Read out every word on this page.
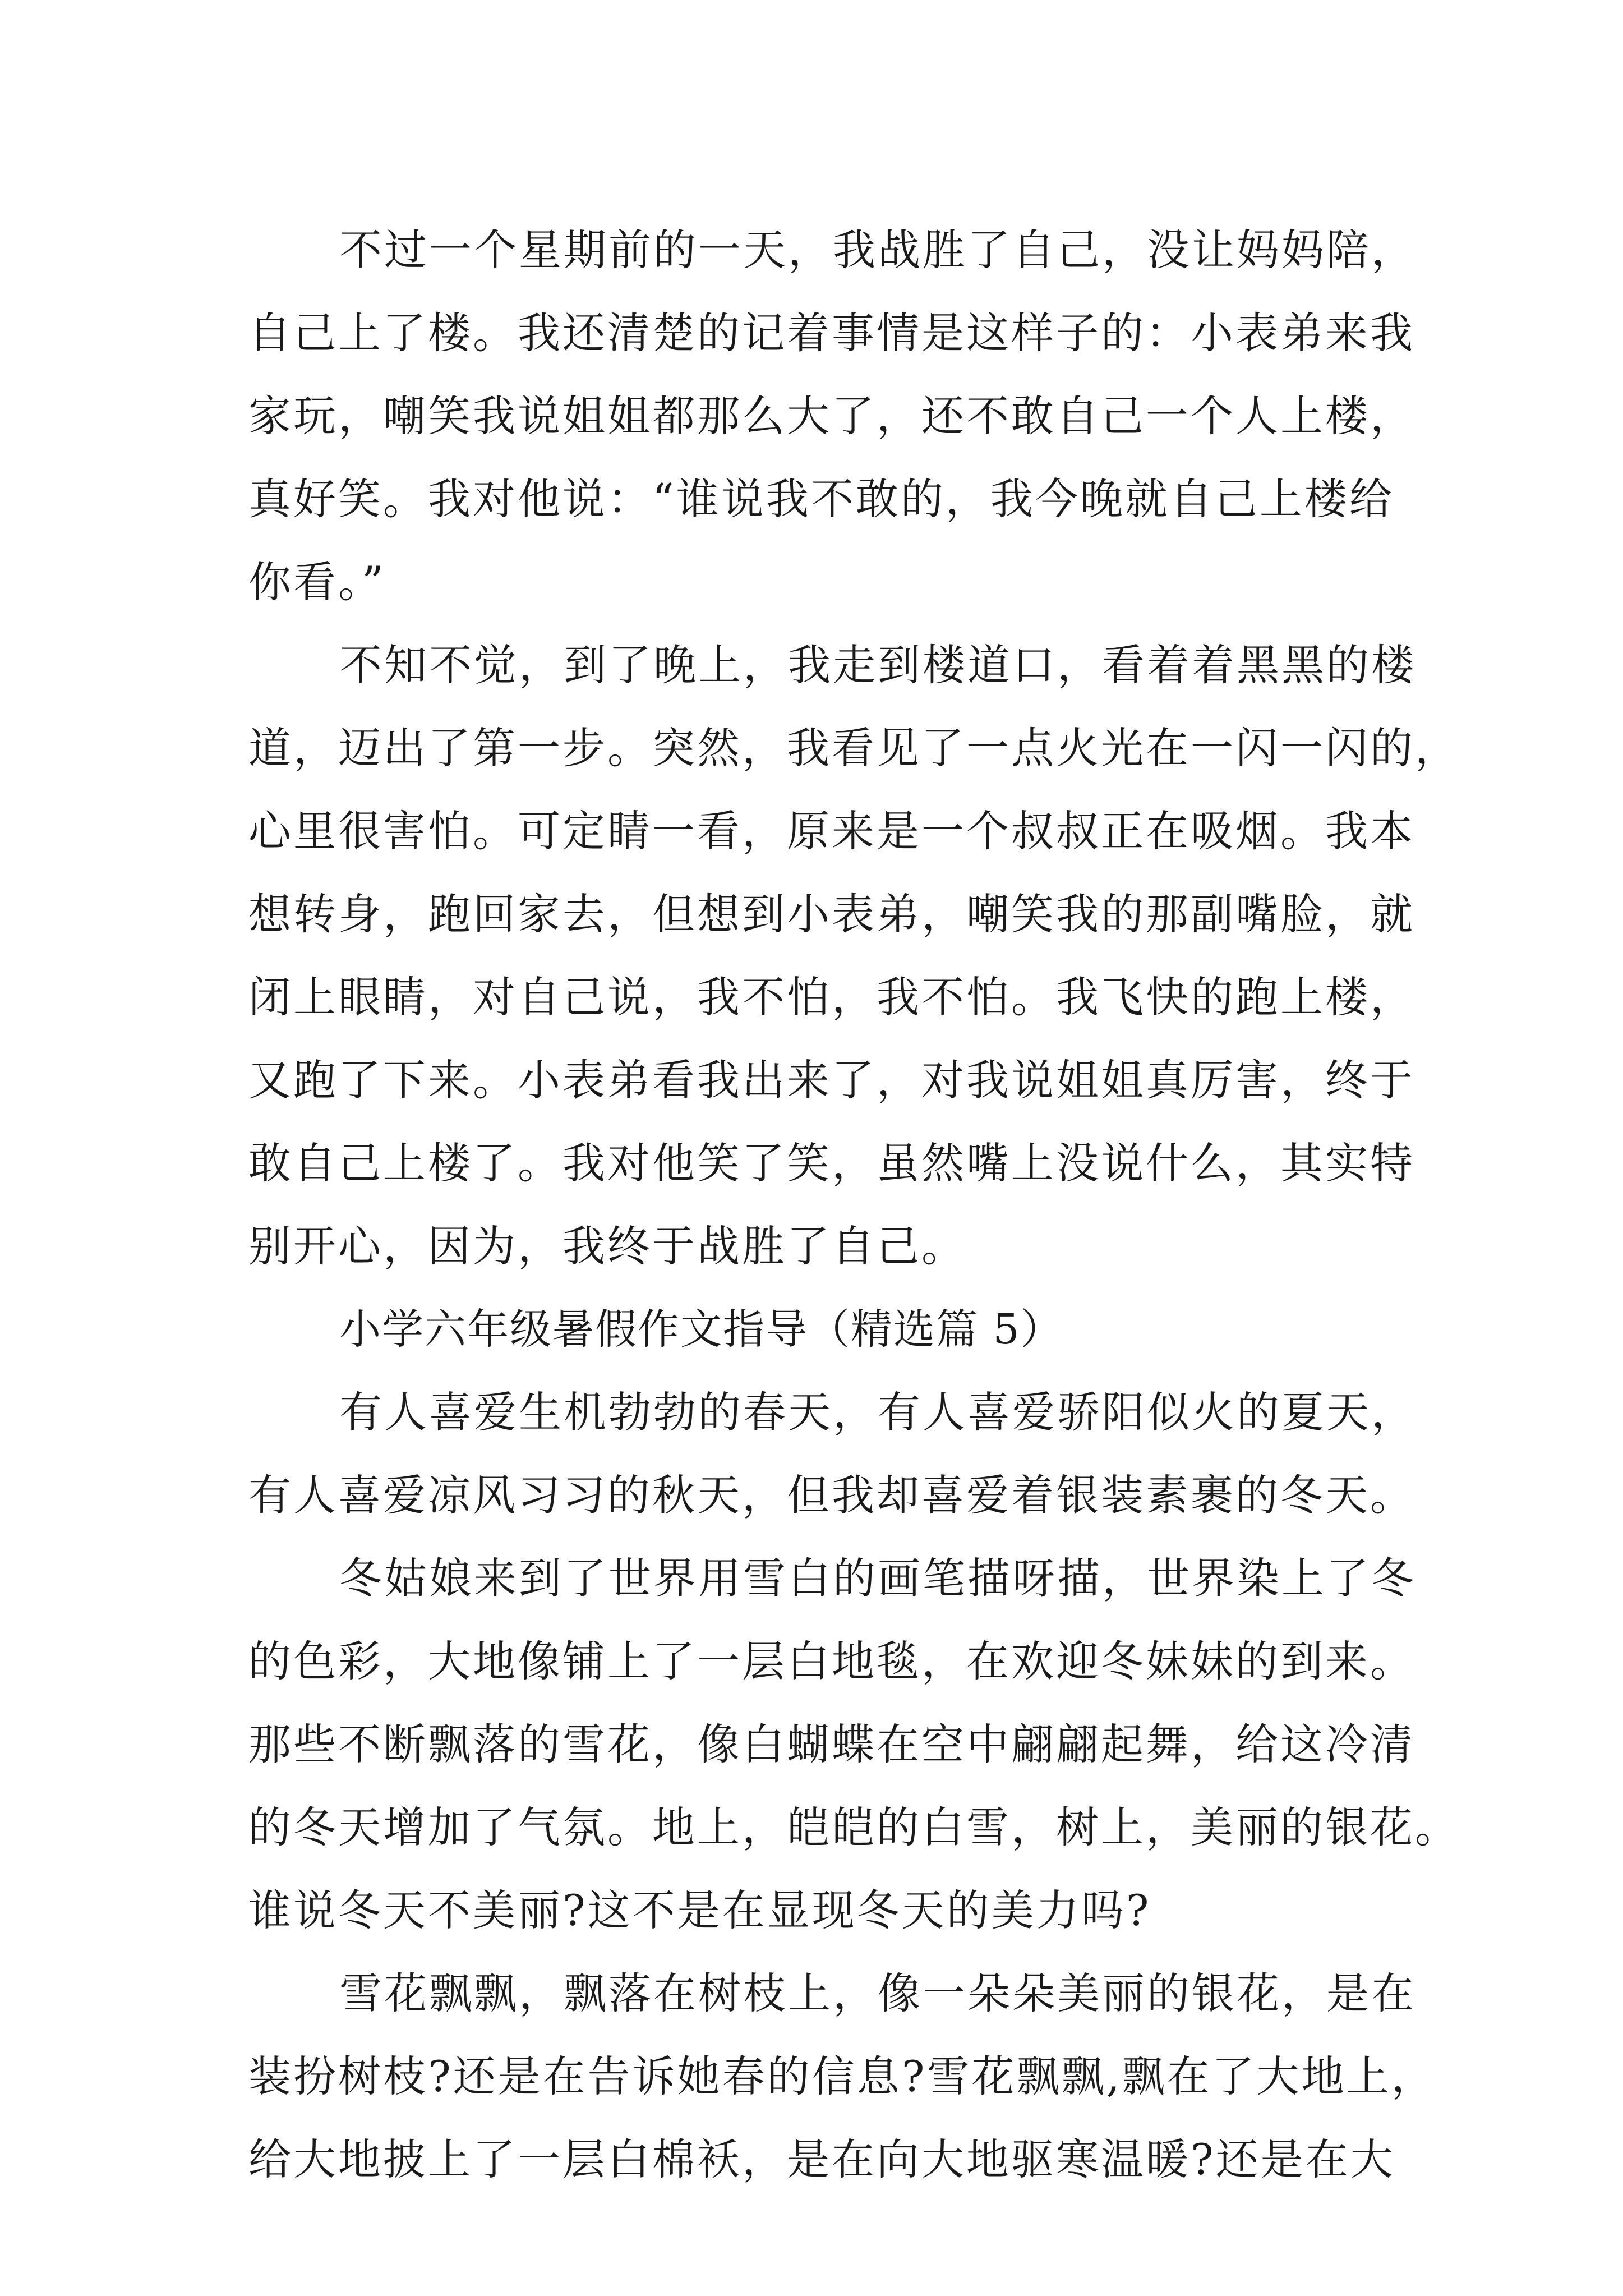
不过一个星期前的一天，我战胜了自己，没让妈妈陪，
自己上了楼。我还清楚的记着事情是这样子的：小表弟来我
家玩，嘲笑我说姐姐都那么大了，还不敢自己一个人上楼，
真好笑。我对他说：“谁说我不敢的，我今晚就自己上楼给
你看。”
不知不觉，到了晚上，我走到楼道口，看着着黑黑的楼
道，迈出了第一步。突然，我看见了一点火光在一闪一闪的，
心里很害怕。可定睛一看，原来是一个叔叔正在吸烟。我本
想转身，跑回家去，但想到小表弟，嘲笑我的那副嘴脸，就
闭上眼睛，对自己说，我不怕，我不怕。我飞快的跑上楼，
又跑了下来。小表弟看我出来了，对我说姐姐真厉害，终于
敢自己上楼了。我对他笑了笑，虽然嘴上没说什么，其实特
别开心，因为，我终于战胜了自己。
小学六年级暑假作文指导（精选篇 5）
有人喜爱生机勃勃的春天，有人喜爱骄阳似火的夏天，
有人喜爱凉风习习的秋天，但我却喜爱着银装素裹的冬天。
冬姑娘来到了世界用雪白的画笔描呀描，世界染上了冬
的色彩，大地像铺上了一层白地毯，在欢迎冬妹妹的到来。
那些不断飘落的雪花，像白蝴蝶在空中翩翩起舞，给这冷清
的冬天增加了气氛。地上，皑皑的白雪，树上，美丽的银花。
谁说冬天不美丽?这不是在显现冬天的美力吗?
雪花飘飘，飘落在树枝上，像一朵朵美丽的银花，是在
装扮树枝?还是在告诉她春的信息?雪花飘飘,飘在了大地上，
给大地披上了一层白棉袄，是在向大地驱寒温暖?还是在大
